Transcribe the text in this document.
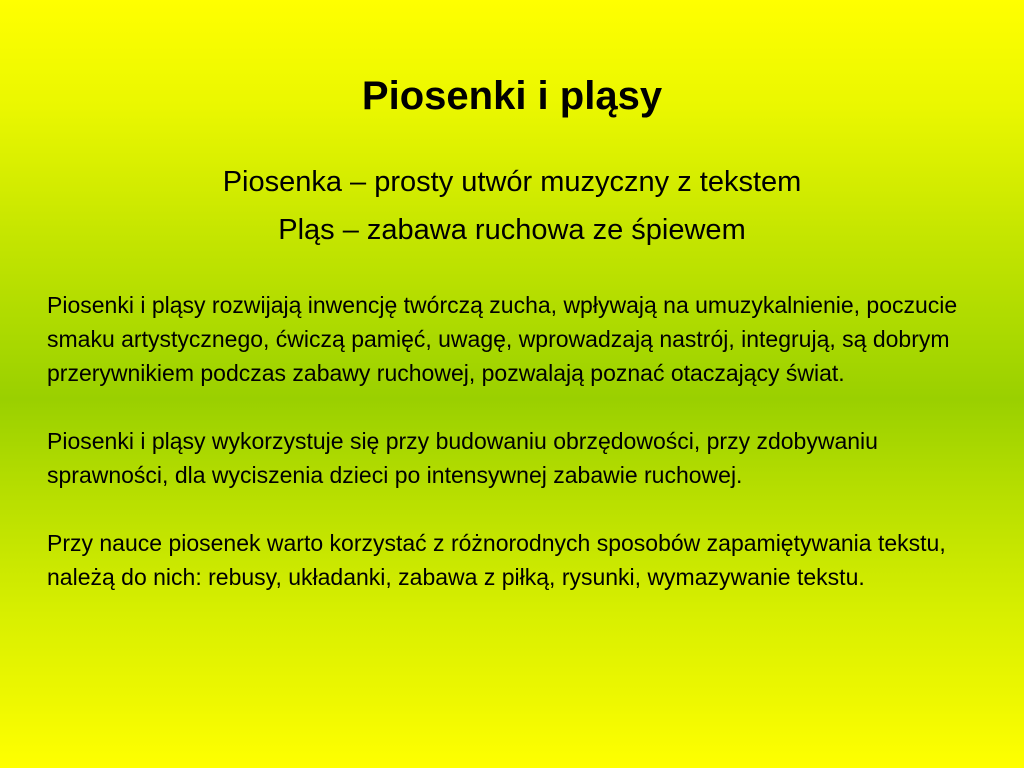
Piosenki i pląsy

Piosenka – prosty utwór muzyczny z tekstem

Pląs – zabawa ruchowa ze śpiewem

Piosenki i pląsy rozwijają inwencję twórczą zucha, wpływają na umuzykalnienie, poczucie smaku artystycznego, ćwiczą pamięć, uwagę, wprowadzają nastrój, integrują, są dobrym przerywnikiem podczas zabawy ruchowej, pozwalają poznać otaczający świat.

Piosenki i pląsy wykorzystuje się przy budowaniu obrzędowości, przy zdobywaniu sprawności, dla wyciszenia dzieci po intensywnej zabawie ruchowej.

Przy nauce piosenek warto korzystać z różnorodnych sposobów zapamiętywania tekstu, należą do nich: rebusy, układanki, zabawa z piłką, rysunki, wymazywanie tekstu.
